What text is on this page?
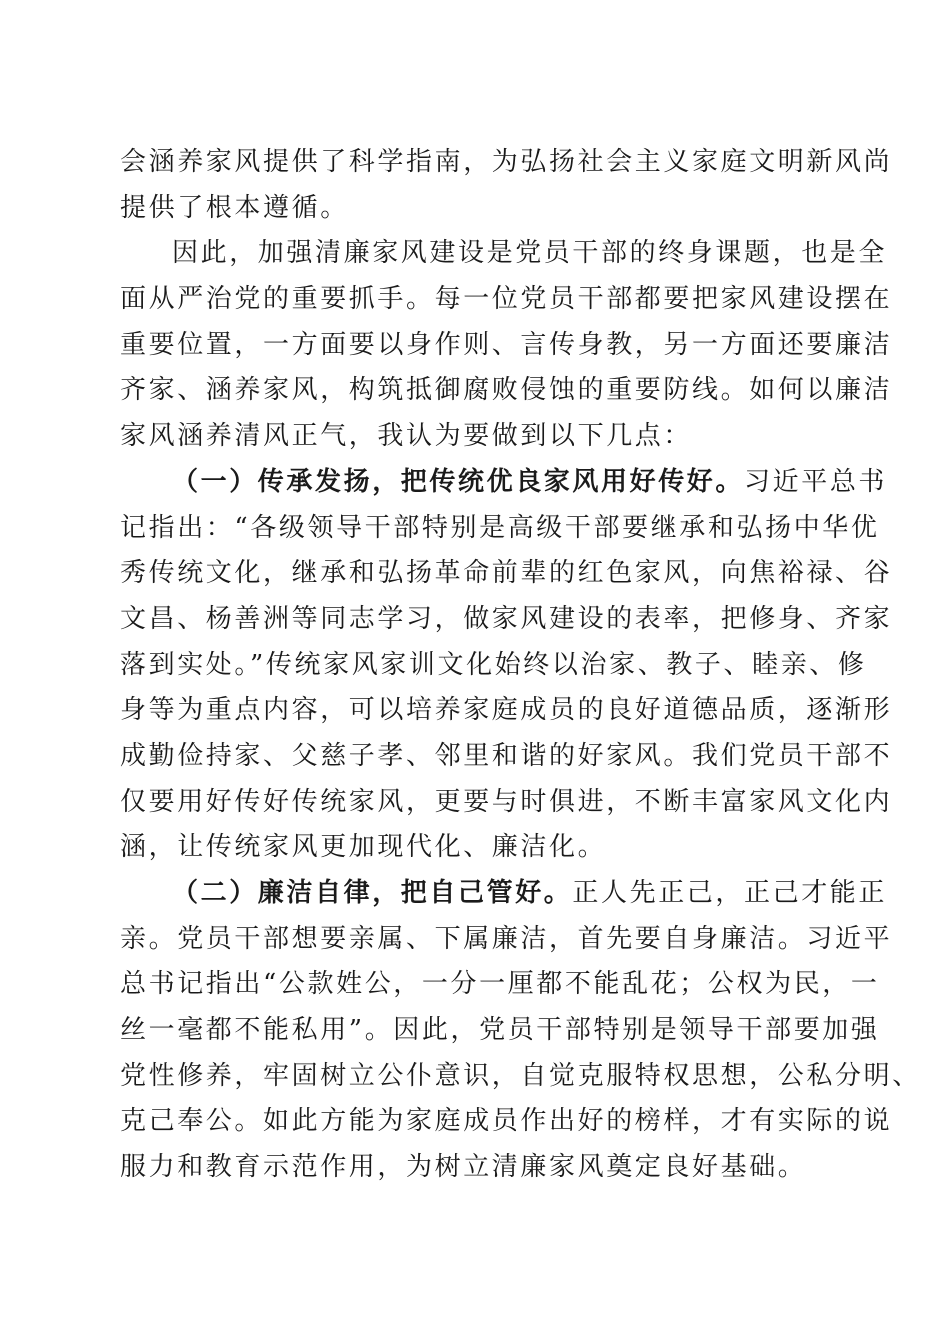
会涵养家风提供了科学指南，为弘扬社会主义家庭文明新风尚
提供了根本遵循。
因此，加强清廉家风建设是党员干部的终身课题，也是全
面从严治党的重要抓手。每一位党员干部都要把家风建设摆在
重要位置，一方面要以身作则、言传身教，另一方面还要廉洁
齐家、涵养家风，构筑抵御腐败侵蚀的重要防线。如何以廉洁
家风涵养清风正气，我认为要做到以下几点：
（一）传承发扬，把传统优良家风用好传好。习近平总书
记指出：“各级领导干部特别是高级干部要继承和弘扬中华优
秀传统文化，继承和弘扬革命前辈的红色家风，向焦裕禄、谷
文昌、杨善洲等同志学习，做家风建设的表率，把修身、齐家
落到实处。”传统家风家训文化始终以治家、教子、睦亲、修
身等为重点内容，可以培养家庭成员的良好道德品质，逐渐形
成勤俭持家、父慈子孝、邻里和谐的好家风。我们党员干部不
仅要用好传好传统家风，更要与时俱进，不断丰富家风文化内
涵，让传统家风更加现代化、廉洁化。
（二）廉洁自律，把自己管好。正人先正己，正己才能正
亲。党员干部想要亲属、下属廉洁，首先要自身廉洁。习近平
总书记指出“公款姓公，一分一厘都不能乱花；公权为民，一
丝一毫都不能私用”。因此，党员干部特别是领导干部要加强
党性修养，牢固树立公仆意识，自觉克服特权思想，公私分明、
克己奉公。如此方能为家庭成员作出好的榜样，才有实际的说
服力和教育示范作用，为树立清廉家风奠定良好基础。
